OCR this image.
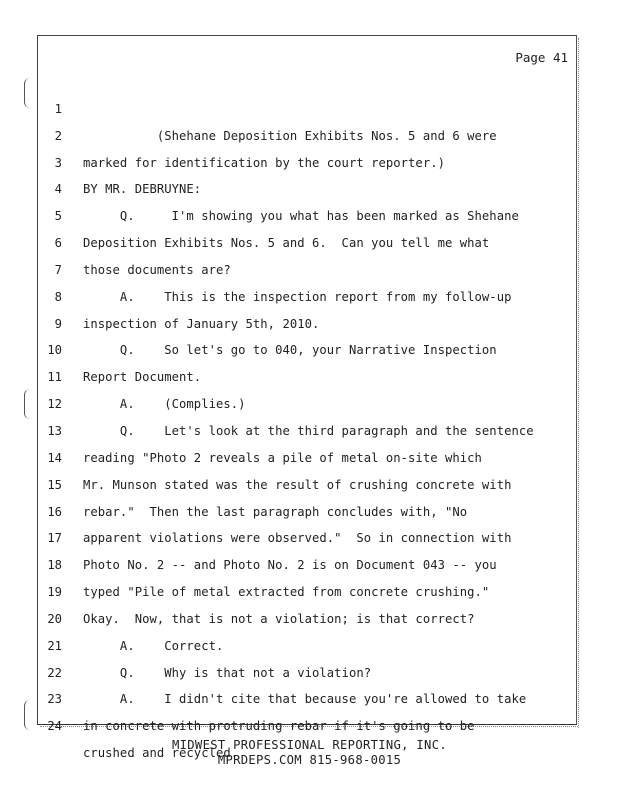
Page 41

1

(Shehane Deposition Exhibits Nos. 5 and 6 were

2

marked for identification by the court reporter.)

3

BY MR. DEBRUYNE:

4

Q.     I'm showing you what has been marked as Shehane

5

Deposition Exhibits Nos. 5 and 6.  Can you tell me what

6

those documents are?

7

A.    This is the inspection report from my follow-up

8

inspection of January 5th, 2010.

9

Q.    So let's go to 040, your Narrative Inspection

10

Report Document.

11

A.    (Complies.)

12

Q.    Let's look at the third paragraph and the sentence

13

reading "Photo 2 reveals a pile of metal on-site which

14

Mr. Munson stated was the result of crushing concrete with

15

rebar."  Then the last paragraph concludes with, "No

16

apparent violations were observed."  So in connection with

17

Photo No. 2 -- and Photo No. 2 is on Document 043 -- you

18

typed "Pile of metal extracted from concrete crushing."

19

Okay.  Now, that is not a violation; is that correct?

20

A.    Correct.

21

Q.    Why is that not a violation?

22

A.    I didn't cite that because you're allowed to take

23

in concrete with protruding rebar if it's going to be

24

crushed and recycled.

MIDWEST PROFESSIONAL REPORTING, INC.
MPRDEPS.COM 815-968-0015
